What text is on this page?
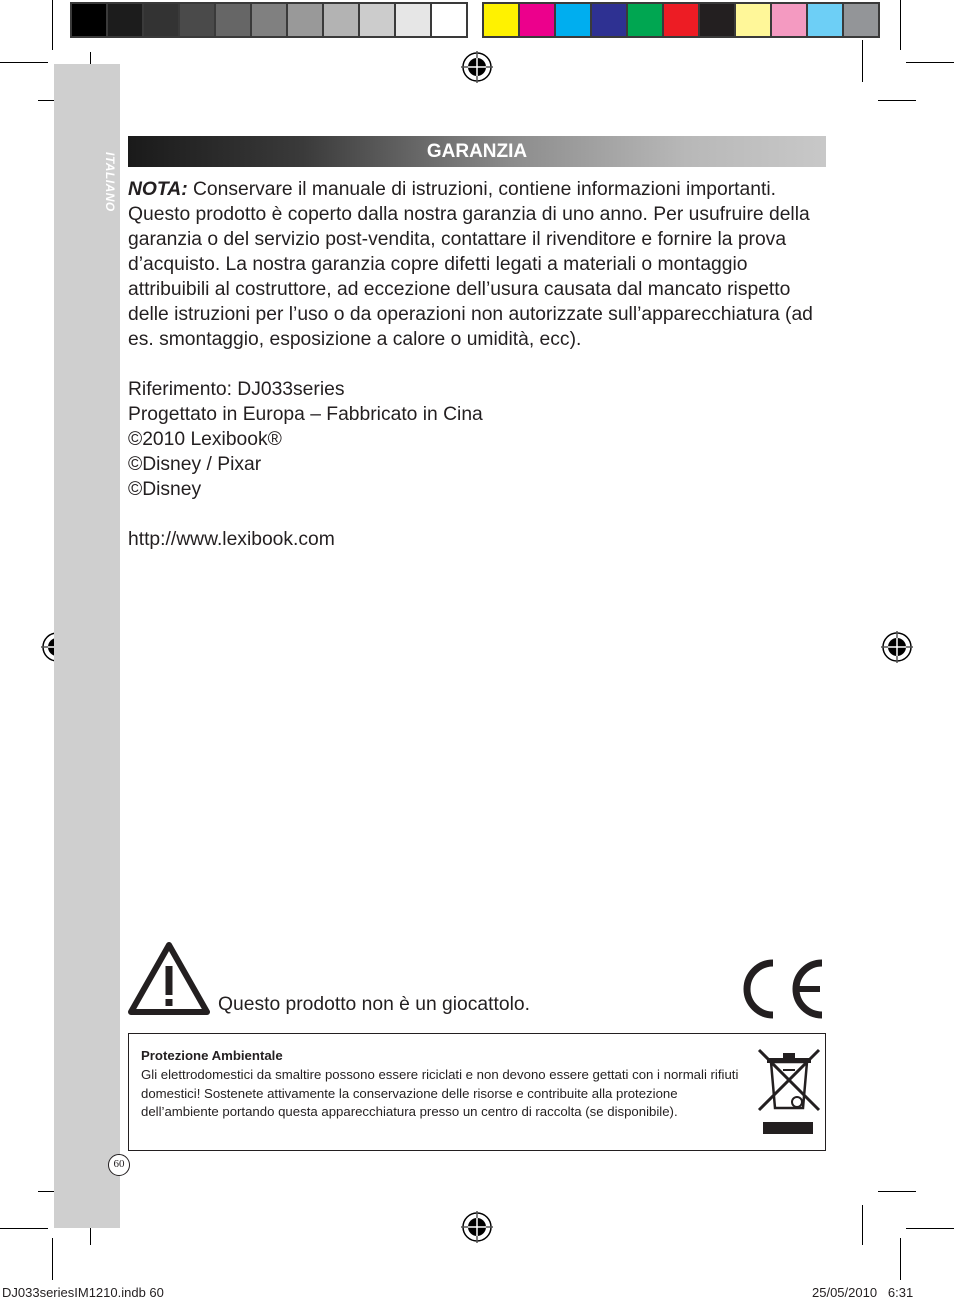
ITALIANO
GARANZIA

NOTA: Conservare il manuale di istruzioni, contiene informazioni importanti.

Questo prodotto è coperto dalla nostra garanzia di uno anno. Per usufruire della garanzia o del servizio post-vendita, contattare il rivenditore e fornire la prova d’acquisto. La nostra garanzia copre difetti legati a materiali o montaggio attribuibili al costruttore, ad eccezione dell’usura causata dal mancato rispetto delle istruzioni per l’uso o da operazioni non autorizzate sull’apparecchiatura (ad es. smontaggio, esposizione a calore o umidità, ecc).

Riferimento: DJ033series
Progettato in Europa – Fabbricato in Cina
©2010 Lexibook®
©Disney / Pixar
©Disney
http://www.lexibook.com
Questo prodotto non è un giocattolo.
Protezione Ambientale
Gli elettrodomestici da smaltire possono essere riciclati e non devono essere gettati con i normali rifiuti domestici! Sostenete attivamente la conservazione delle risorse e contribuite alla protezione dell’ambiente portando questa apparecchiatura presso un centro di raccolta (se disponibile).
60
DJ033seriesIM1210.indb 60	25/05/2010   6:31
